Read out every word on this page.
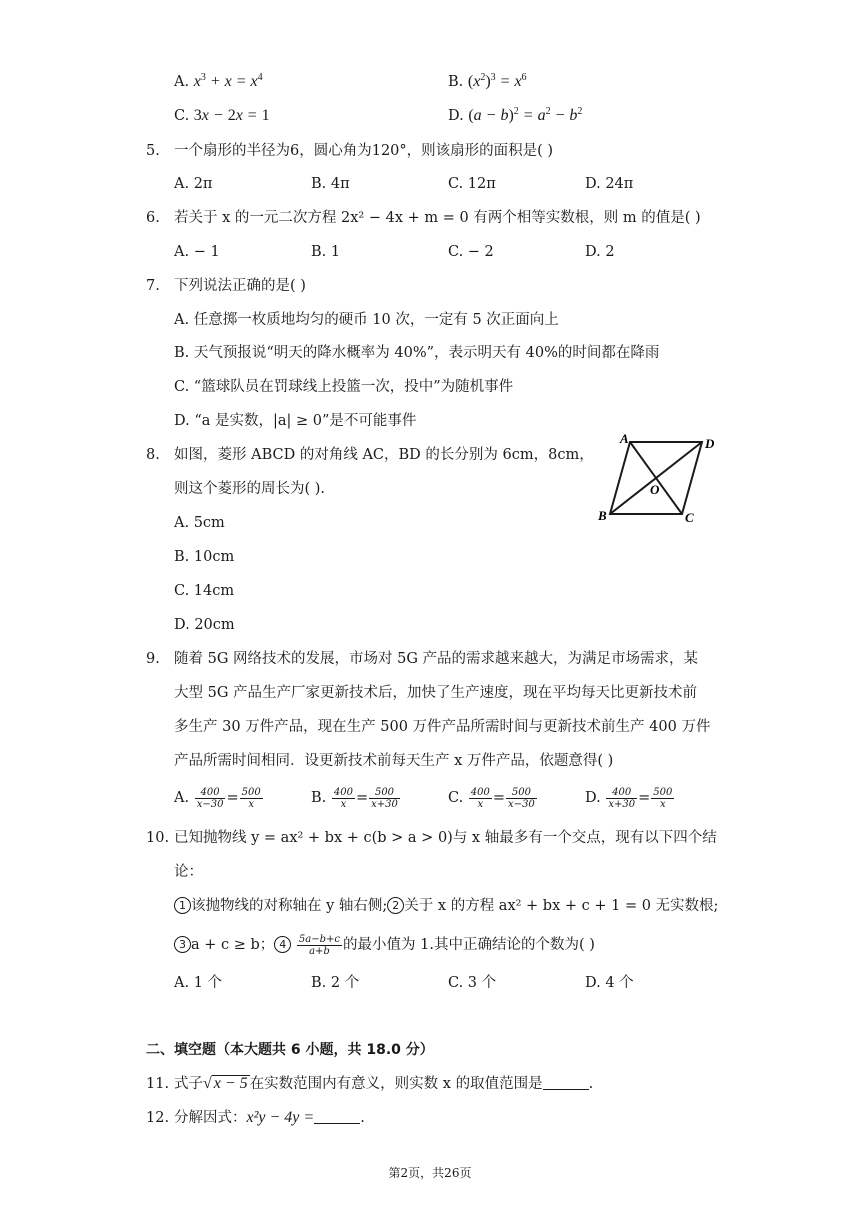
A. $x^3 + x = x^4$	B. $(x^2)^3 = x^6$
C. 3x − 2x = 1	D. $(a - b)^2 = a^2 - b^2$
5. 一个扇形的半径为6，圆心角为120°，则该扇形的面积是( )
A. 2π	B. 4π	C. 12π	D. 24π
6. 若关于 x 的一元二次方程 2x² − 4x + m = 0 有两个相等实数根，则 m 的值是( )
A. − 1	B. 1	C. − 2	D. 2
7. 下列说法正确的是( )
A. 任意掷一枚质地均匀的硬币 10 次，一定有 5 次正面向上
B. 天气预报说“明天的降水概率为 40%”，表示明天有 40%的时间都在降雨
C. “篮球队员在罚球线上投篮一次，投中”为随机事件
D. “a 是实数，|a| ≥ 0”是不可能事件
8. 如图，菱形 ABCD 的对角线 AC，BD 的长分别为 6cm，8cm，
则这个菱形的周长为( ).
A. 5cm
B. 10cm
C. 14cm
D. 20cm
A	D
B	C
O
9. 随着 5G 网络技术的发展，市场对 5G 产品的需求越来越大，为满足市场需求，某
大型 5G 产品生产厂家更新技术后，加快了生产速度，现在平均每天比更新技术前
多生产 30 万件产品，现在生产 500 万件产品所需时间与更新技术前生产 400 万件
产品所需时间相同．设更新技术前每天生产 x 万件产品，依题意得( )
A. $\frac{400}{x-30} = \frac{500}{x}$	B. $\frac{400}{x} = \frac{500}{x+30}$	C. $\frac{400}{x} = \frac{500}{x-30}$	D. $\frac{400}{x+30} = \frac{500}{x}$
10. 已知抛物线 y = ax² + bx + c(b > a > 0)与 x 轴最多有一个交点，现有以下四个结
论：
1 该抛物线的对称轴在 y 轴右侧; 2 关于 x 的方程 ax² + bx + c + 1 = 0 无实数根;
3 a + c ≥ b； $4 \frac{5a-b+c}{a+b}$ 的最小值为 1.其中正确结论的个数为( )
A. 1 个	B. 2 个	C. 3 个	D. 4 个
二、填空题（本大题共 6 小题，共 18.0 分）
11. 式子√ x − 5 在实数范围内有意义，则实数 x 的取值范围是	.
12. 分解因式：x²y − 4y =	.
第2页，共26页
